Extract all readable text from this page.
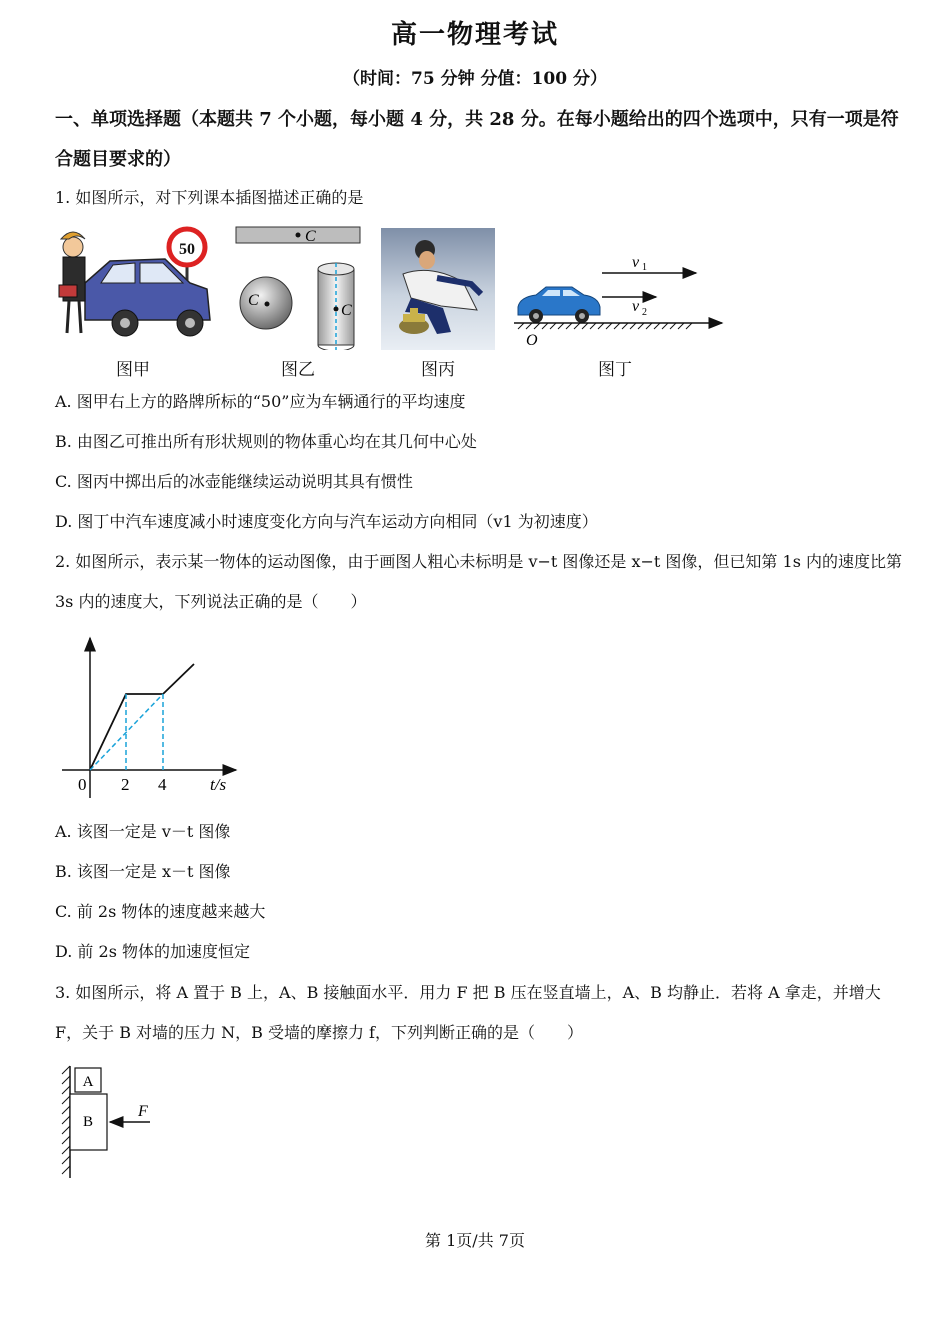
高一物理考试
（时间：75 分钟 分值：100 分）
一、单项选择题（本题共 7 个小题，每小题 4 分，共 28 分。在每小题给出的四个选项中，只有一项是符合题目要求的）
1. 如图所示，对下列课本插图描述正确的是
50
图甲
C
C
C
图乙	图丙
v 1
v 2
O
图丁
A. 图甲右上方的路牌所标的“50”应为车辆通行的平均速度
B. 由图乙可推出所有形状规则的物体重心均在其几何中心处
C. 图丙中掷出后的冰壶能继续运动说明其具有惯性
D. 图丁中汽车速度减小时速度变化方向与汽车运动方向相同（v1 为初速度）
2. 如图所示，表示某一物体的运动图像，由于画图人粗心未标明是 v−t 图像还是 x−t 图像，但已知第 1s 内的速度比第 3s 内的速度大，下列说法正确的是（　　）
0 2 4	t/s
A. 该图一定是 v－t 图像
B. 该图一定是 x－t 图像
C. 前 2s 物体的速度越来越大
D. 前 2s 物体的加速度恒定
3. 如图所示，将 A 置于 B 上，A、B 接触面水平．用力 F 把 B 压在竖直墙上，A、B 均静止．若将 A 拿走，并增大 F，关于 B 对墙的压力 N，B 受墙的摩擦力 f，下列判断正确的是（　　）
A
B
F
第 1页/共 7页
